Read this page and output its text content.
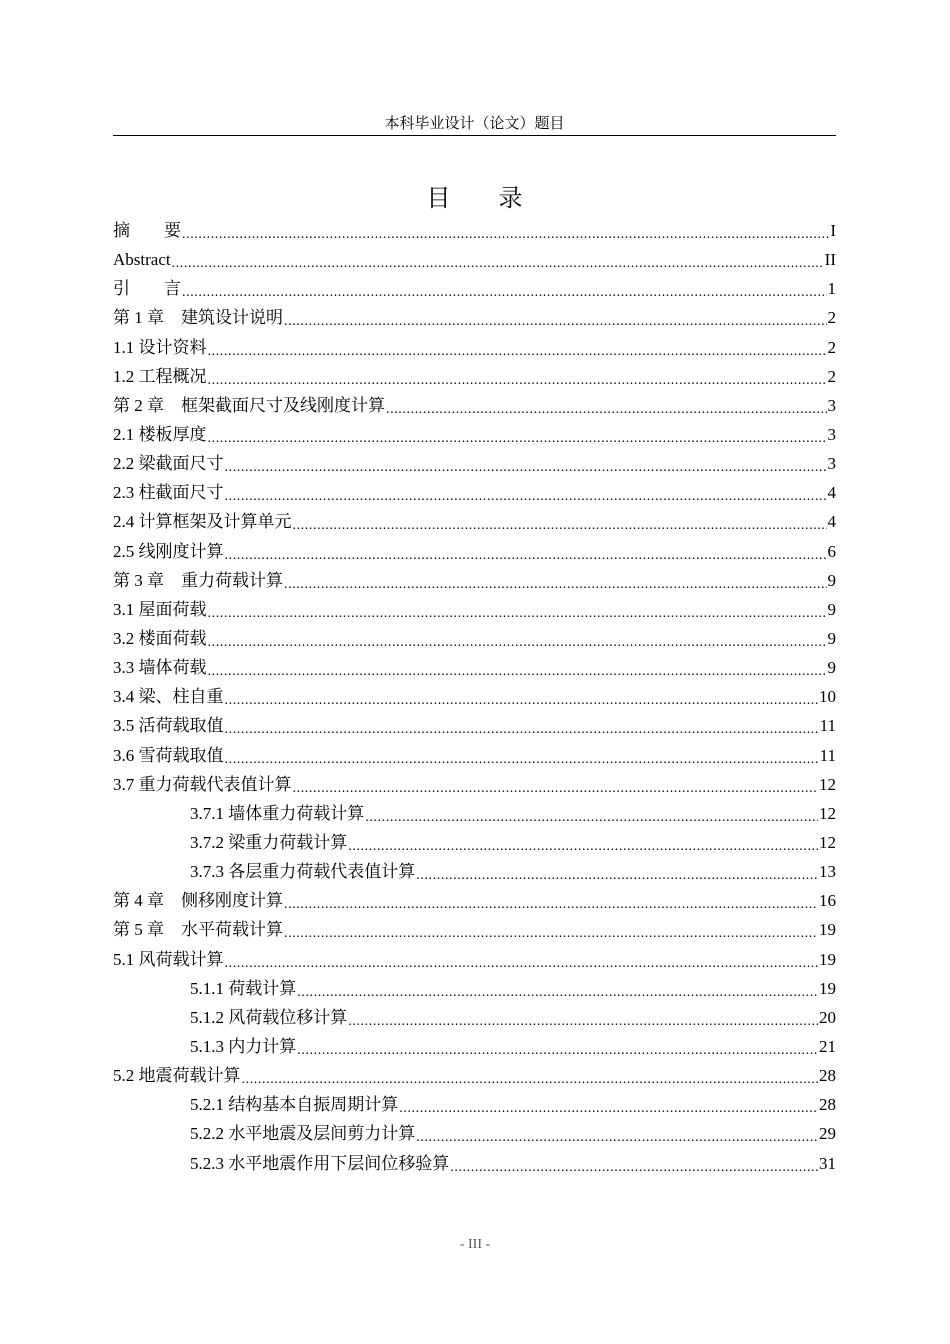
本科毕业设计（论文）题目
目 录
摘　　要 .....	I
Abstract .....	II
引　　言 .....	1
第 1 章　建筑设计说明 .....	2
1.1 设计资料 .....	2
1.2 工程概况 .....	2
第 2 章　框架截面尺寸及线刚度计算 .....	3
2.1 楼板厚度 .....	3
2.2 梁截面尺寸 .....	3
2.3 柱截面尺寸 .....	4
2.4 计算框架及计算单元 .....	4
2.5 线刚度计算 .....	6
第 3 章　重力荷载计算 .....	9
3.1 屋面荷载 .....	9
3.2 楼面荷载 .....	9
3.3 墙体荷载 .....	9
3.4 梁、柱自重 .....	10
3.5 活荷载取值 .....	11
3.6 雪荷载取值 .....	11
3.7 重力荷载代表值计算 .....	12
3.7.1 墙体重力荷载计算 .....	12
3.7.2 梁重力荷载计算 .....	12
3.7.3 各层重力荷载代表值计算 .....	13
第 4 章　侧移刚度计算 .....	16
第 5 章　水平荷载计算 .....	19
5.1 风荷载计算 .....	19
5.1.1 荷载计算 .....	19
5.1.2 风荷载位移计算 .....	20
5.1.3 内力计算 .....	21
5.2 地震荷载计算 .....	28
5.2.1 结构基本自振周期计算 .....	28
5.2.2 水平地震及层间剪力计算 .....	29
5.2.3 水平地震作用下层间位移验算 .....	31
- III -
